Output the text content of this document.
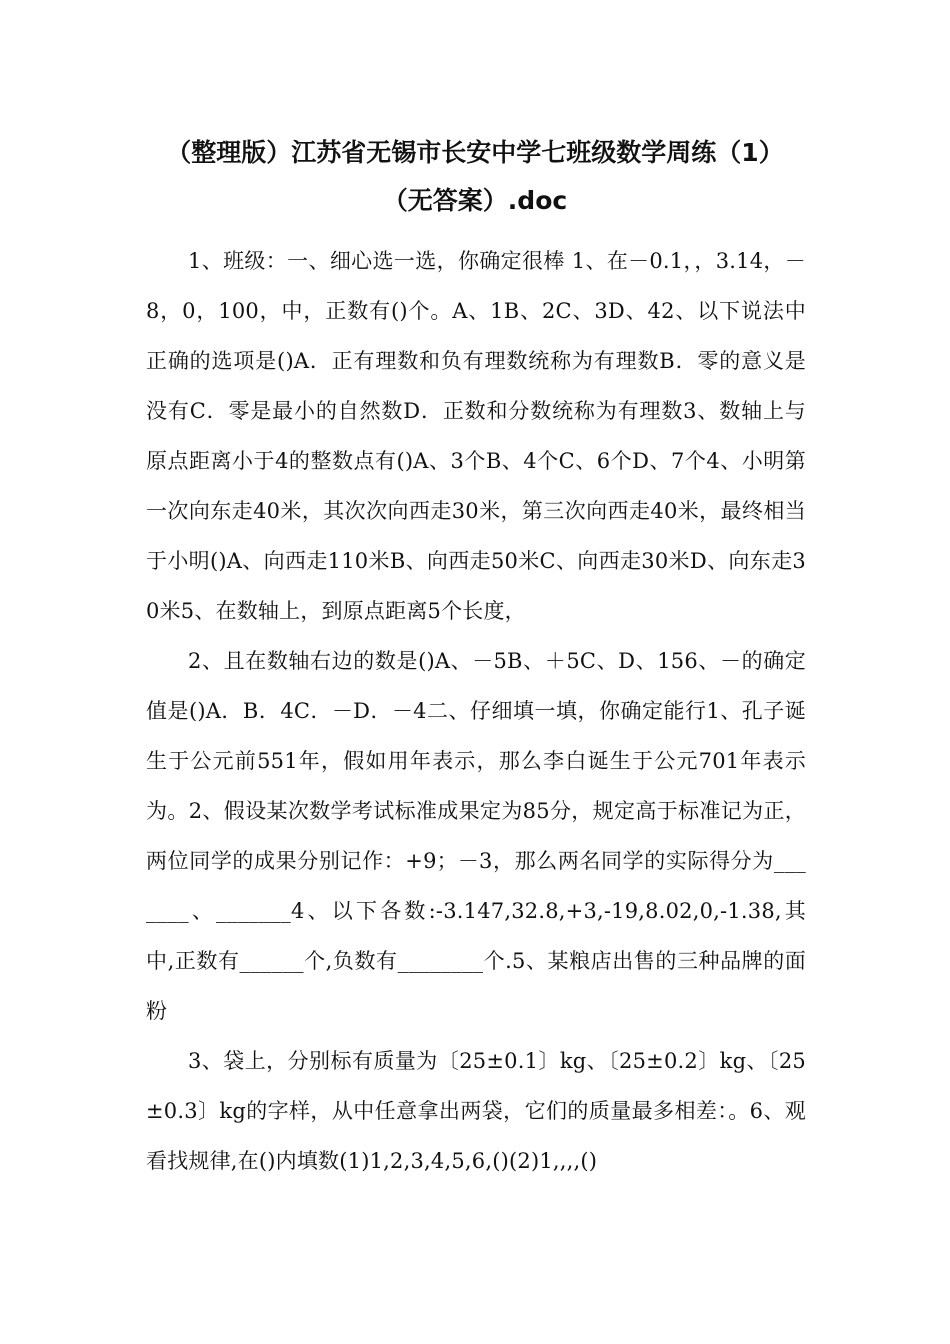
（整理版）江苏省无锡市长安中学七班级数学周练（1）
（无答案）.doc

1、班级：一、细心选一选，你确定很棒 1、在－0.1，，3.14，－8，0，100，中，正数有()个。A、1B、2C、3D、42、以下说法中正确的选项是()A．正有理数和负有理数统称为有理数B．零的意义是没有C．零是最小的自然数D．正数和分数统称为有理数3、数轴上与原点距离小于4的整数点有()A、3个B、4个C、6个D、7个4、小明第一次向东走40米，其次次向西走30米，第三次向西走40米，最终相当于小明()A、向西走110米B、向西走50米C、向西走30米D、向东走30米5、在数轴上，到原点距离5个长度，

2、且在数轴右边的数是()A、－5B、＋5C、D、156、－的确定值是()A．B．4C．－D．－4二、仔细填一填，你确定能行1、孔子诞生于公元前551年，假如用年表示，那么李白诞生于公元701年表示为。2、假设某次数学考试标准成果定为85分，规定高于标准记为正，两位同学的成果分别记作：+9；－3，那么两名同学的实际得分为_______、_______4、以下各数:-3.147,32.8,+3,-19,8.02,0,-1.38,其中,正数有______个,负数有________个.5、某粮店出售的三种品牌的面粉

3、袋上，分别标有质量为〔25±0.1〕kg、〔25±0.2〕kg、〔25±0.3〕kg的字样，从中任意拿出两袋，它们的质量最多相差：。6、观看找规律,在()内填数(1)1,2,3,4,5,6,()(2)1,,,,()
